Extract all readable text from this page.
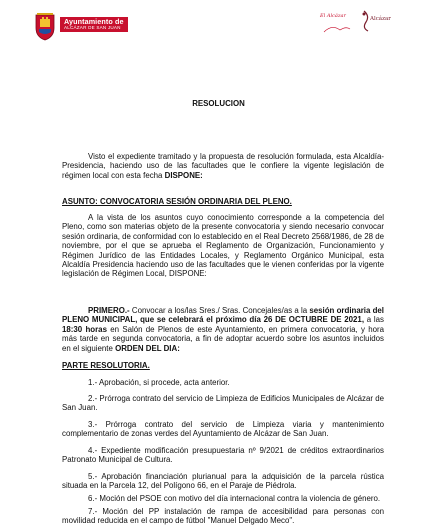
Ayuntamiento de
ALCÁZAR DE SAN JUAN
El Alcázar	Alcázar

RESOLUCION

Visto el expediente tramitado y la propuesta de resolución formulada, esta Alcaldía-Presidencia, haciendo uso de las facultades que le confiere la vigente legislación de régimen local con esta fecha DISPONE:

ASUNTO: CONVOCATORIA SESIÓN ORDINARIA DEL PLENO.

A la vista de los asuntos cuyo conocimiento corresponde a la competencia del Pleno, como son materias objeto de la presente convocatoria y siendo necesario convocar sesión ordinaria, de conformidad con lo establecido en el Real Decreto 2568/1986, de 28 de noviembre, por el que se aprueba el Reglamento de Organización, Funcionamiento y Régimen Jurídico de las Entidades Locales, y Reglamento Orgánico Municipal, esta Alcaldía Presidencia haciendo uso de las facultades que le vienen conferidas por la vigente legislación de Régimen Local, DISPONE:

PRIMERO.- Convocar a los/las Sres./ Sras. Concejales/as a la sesión ordinaria del PLENO MUNICIPAL, que se celebrará el próximo día 26 DE OCTUBRE DE 2021, a las 18:30 horas en Salón de Plenos de este Ayuntamiento, en primera convocatoria, y hora más tarde en segunda convocatoria, a fin de adoptar acuerdo sobre los asuntos incluidos en el siguiente ORDEN DEL DIA:

PARTE RESOLUTORIA.

1.- Aprobación, si procede, acta anterior.

2.- Prórroga contrato del servicio de Limpieza de Edificios Municipales de Alcázar de San Juan.

3.- Prórroga contrato del servicio de Limpieza viaria y mantenimiento complementario de zonas verdes del Ayuntamiento de Alcázar de San Juan.

4.- Expediente modificación presupuestaria nº 9/2021 de créditos extraordinarios Patronato Municipal de Cultura.

5.- Aprobación financiación plurianual para la adquisición de la parcela rústica situada en la Parcela 12, del Polígono 66, en el Paraje de Piédrola.

6.- Moción del PSOE con motivo del día internacional contra la violencia de género.

7.- Moción del PP instalación de rampa de accesibilidad para personas con movilidad reducida en el campo de fútbol "Manuel Delgado Meco".
